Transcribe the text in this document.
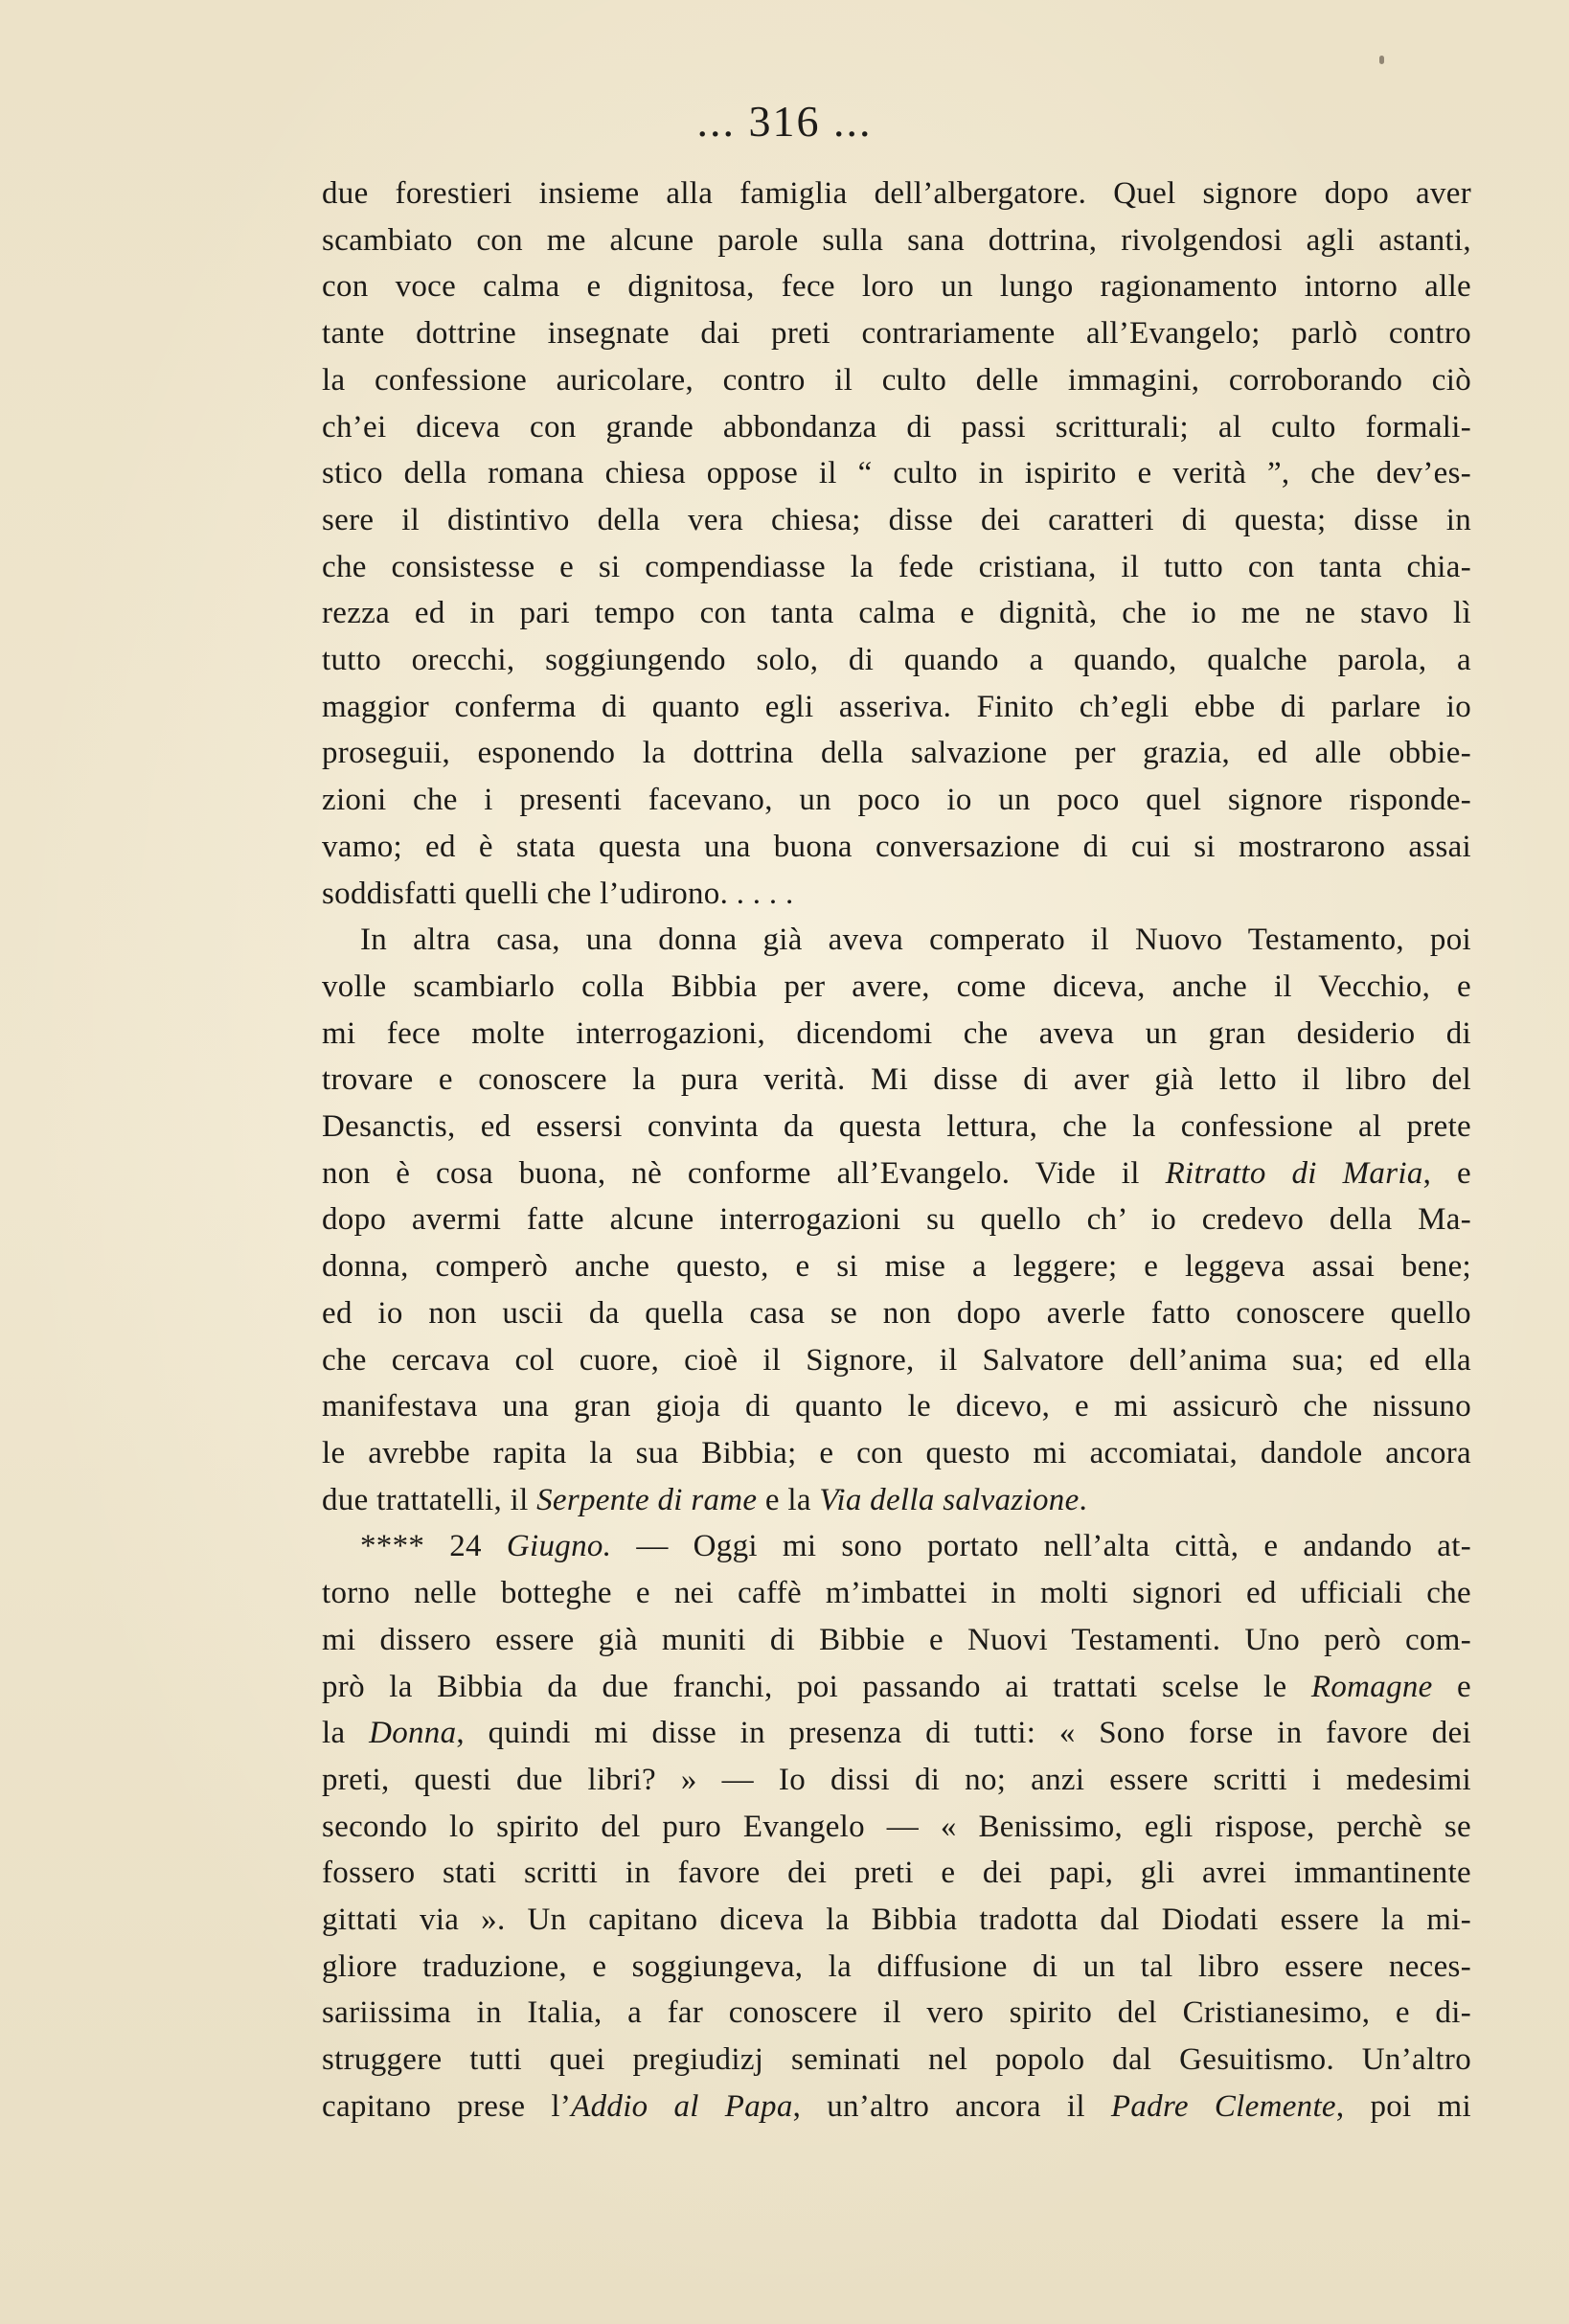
... 316 ...

due forestieri insieme alla famiglia dell’albergatore. Quel signore dopo aver
scambiato con me alcune parole sulla sana dottrina, rivolgendosi agli astanti,
con voce calma e dignitosa, fece loro un lungo ragionamento intorno alle
tante dottrine insegnate dai preti contrariamente all’Evangelo; parlò contro
la confessione auricolare, contro il culto delle immagini, corroborando ciò
ch’ei diceva con grande abbondanza di passi scritturali; al culto formali-
stico della romana chiesa oppose il “ culto in ispirito e verità ”, che dev’es-
sere il distintivo della vera chiesa; disse dei caratteri di questa; disse in
che consistesse e si compendiasse la fede cristiana, il tutto con tanta chia-
rezza ed in pari tempo con tanta calma e dignità, che io me ne stavo lì
tutto orecchi, soggiungendo solo, di quando a quando, qualche parola, a
maggior conferma di quanto egli asseriva. Finito ch’egli ebbe di parlare io
proseguii, esponendo la dottrina della salvazione per grazia, ed alle obbie-
zioni che i presenti facevano, un poco io un poco quel signore risponde-
vamo; ed è stata questa una buona conversazione di cui si mostrarono assai
soddisfatti quelli che l’udirono. . . . .

In altra casa, una donna già aveva comperato il Nuovo Testamento, poi
volle scambiarlo colla Bibbia per avere, come diceva, anche il Vecchio, e
mi fece molte interrogazioni, dicendomi che aveva un gran desiderio di
trovare e conoscere la pura verità. Mi disse di aver già letto il libro del
Desanctis, ed essersi convinta da questa lettura, che la confessione al prete
non è cosa buona, nè conforme all’Evangelo. Vide il Ritratto di Maria, e
dopo avermi fatte alcune interrogazioni su quello ch’ io credevo della Ma-
donna, comperò anche questo, e si mise a leggere; e leggeva assai bene;
ed io non uscii da quella casa se non dopo averle fatto conoscere quello
che cercava col cuore, cioè il Signore, il Salvatore dell’anima sua; ed ella
manifestava una gran gioja di quanto le dicevo, e mi assicurò che nissuno
le avrebbe rapita la sua Bibbia; e con questo mi accomiatai, dandole ancora
due trattatelli, il Serpente di rame e la Via della salvazione.

**** 24 Giugno. — Oggi mi sono portato nell’alta città, e andando at-
torno nelle botteghe e nei caffè m’imbattei in molti signori ed ufficiali che
mi dissero essere già muniti di Bibbie e Nuovi Testamenti. Uno però com-
prò la Bibbia da due franchi, poi passando ai trattati scelse le Romagne e
la Donna, quindi mi disse in presenza di tutti: « Sono forse in favore dei
preti, questi due libri? » — Io dissi di no; anzi essere scritti i medesimi
secondo lo spirito del puro Evangelo — « Benissimo, egli rispose, perchè se
fossero stati scritti in favore dei preti e dei papi, gli avrei immantinente
gittati via ». Un capitano diceva la Bibbia tradotta dal Diodati essere la mi-
gliore traduzione, e soggiungeva, la diffusione di un tal libro essere neces-
sariissima in Italia, a far conoscere il vero spirito del Cristianesimo, e di-
struggere tutti quei pregiudizj seminati nel popolo dal Gesuitismo. Un’altro
capitano prese l’Addio al Papa, un’altro ancora il Padre Clemente, poi mi
